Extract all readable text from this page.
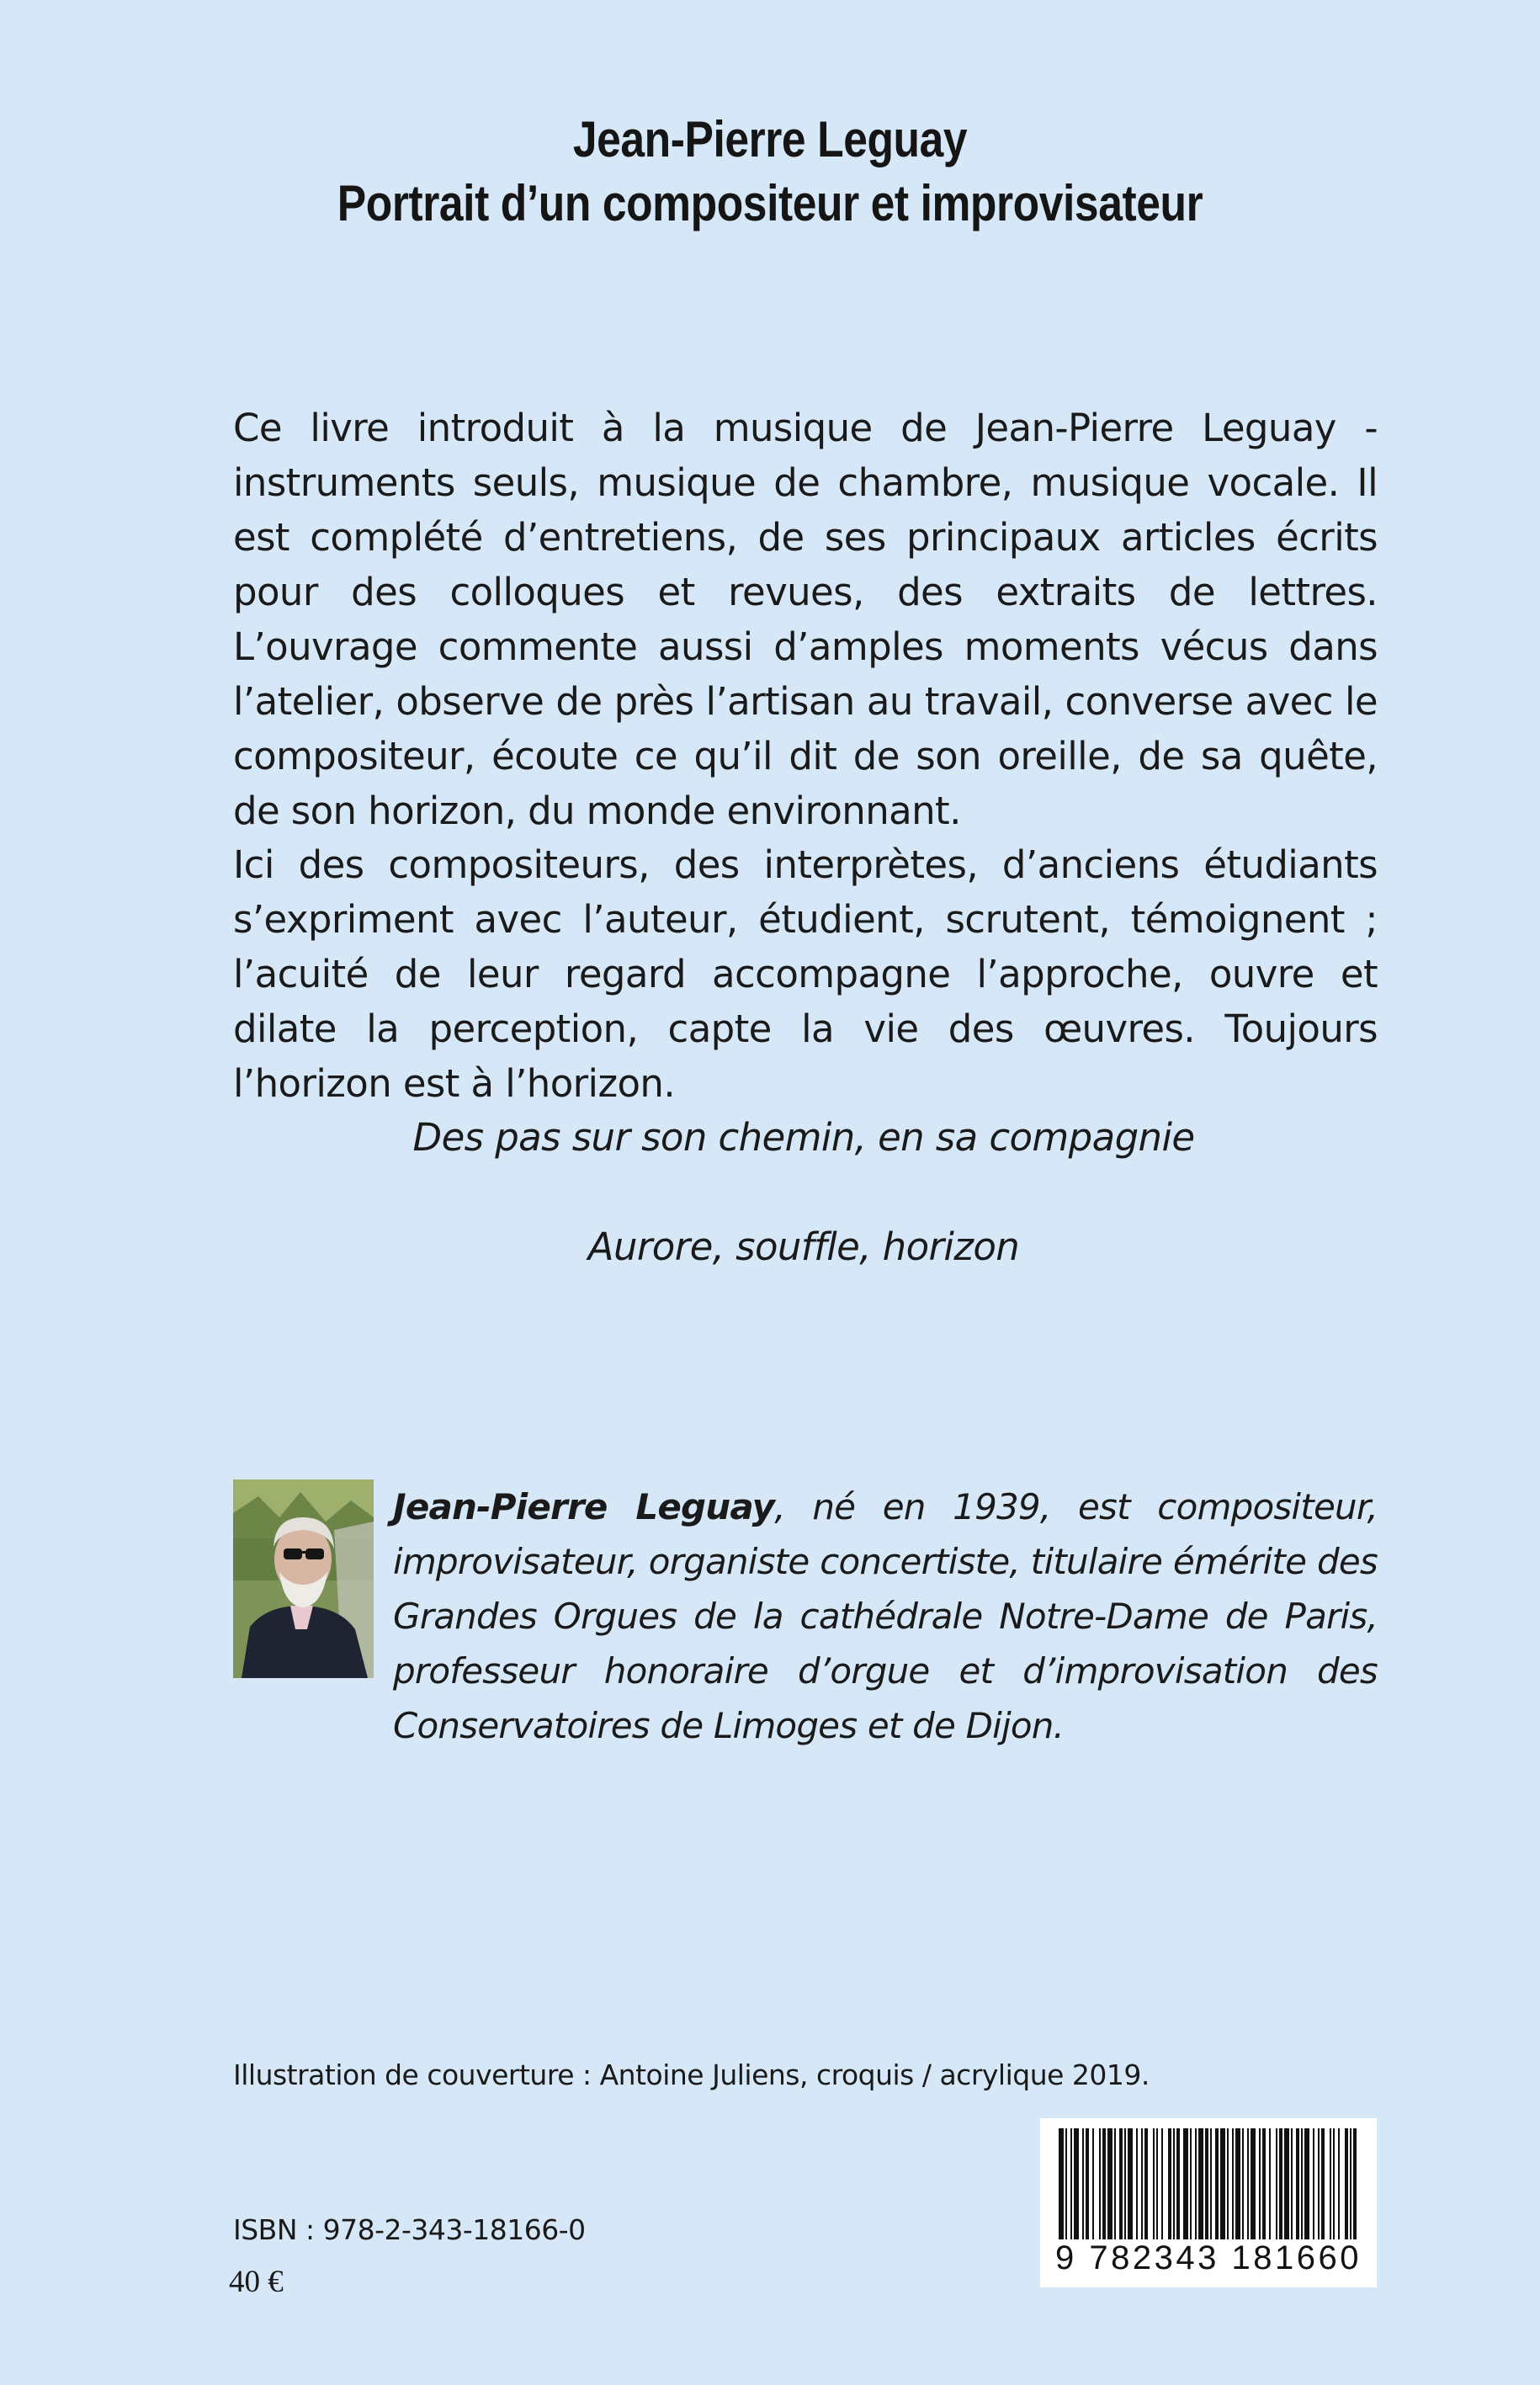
Jean-Pierre Leguay
Portrait d’un compositeur et improvisateur
Ce livre introduit à la musique de Jean-Pierre Leguay - instruments seuls, musique de chambre, musique vocale. Il est complété d’entretiens, de ses principaux articles écrits pour des colloques et revues, des extraits de lettres. L’ouvrage commente aussi d’amples moments vécus dans l’atelier, observe de près l’artisan au travail, converse avec le compositeur, écoute ce qu’il dit de son oreille, de sa quête, de son horizon, du monde environnant.
Ici des compositeurs, des interprètes, d’anciens étudiants s’expriment avec l’auteur, étudient, scrutent, témoignent ; l’acuité de leur regard accompagne l’approche, ouvre et dilate la perception, capte la vie des œuvres. Toujours l’horizon est à l’horizon.
Des pas sur son chemin, en sa compagnie
Aurore, souffle, horizon
Jean-Pierre Leguay, né en 1939, est compositeur, improvisateur, organiste concertiste, titulaire émérite des Grandes Orgues de la cathédrale Notre-Dame de Paris, professeur honoraire d’orgue et d’improvisation des Conservatoires de Limoges et de Dijon.
Illustration de couverture : Antoine Juliens, croquis / acrylique 2019.
ISBN : 978-2-343-18166-0
40 €
9 782343 181660
